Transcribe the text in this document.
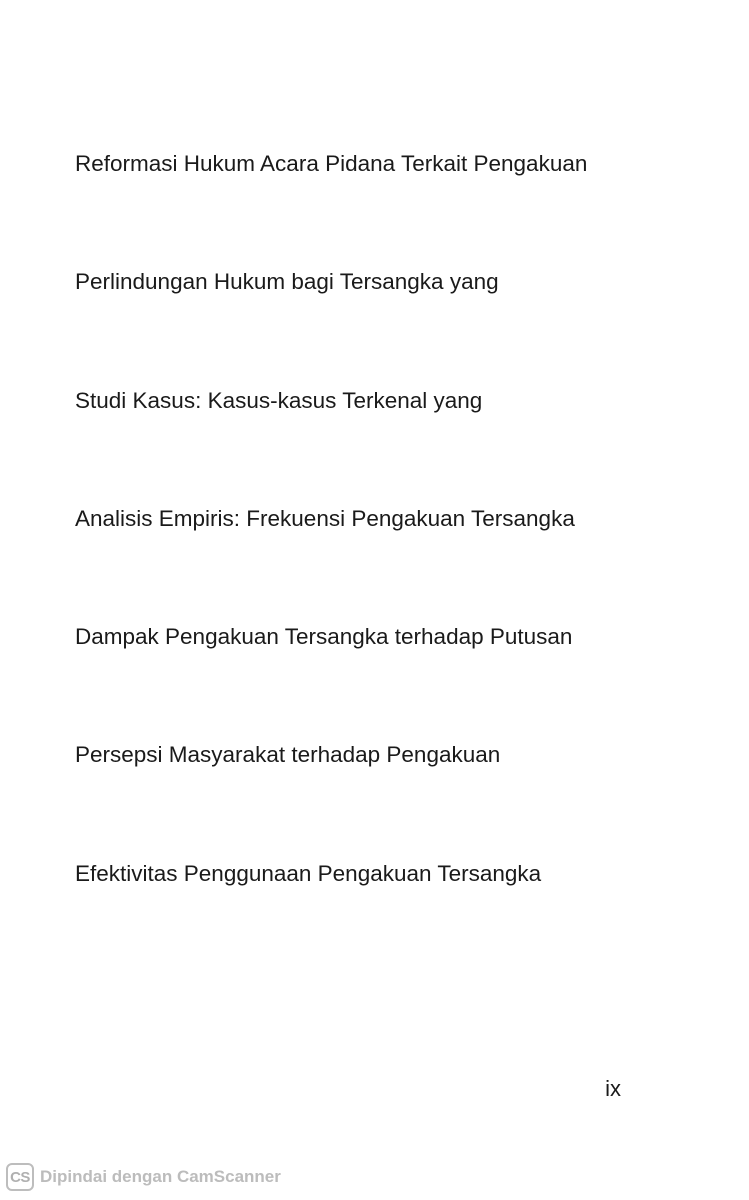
Reformasi Hukum Acara Pidana Terkait Pengakuan
Perlindungan Hukum bagi Tersangka yang
Studi Kasus: Kasus-kasus Terkenal yang
Analisis Empiris: Frekuensi Pengakuan Tersangka
Dampak Pengakuan Tersangka terhadap Putusan
Persepsi Masyarakat terhadap Pengakuan
Efektivitas Penggunaan Pengakuan Tersangka
ix
CS Dipindai dengan CamScanner
